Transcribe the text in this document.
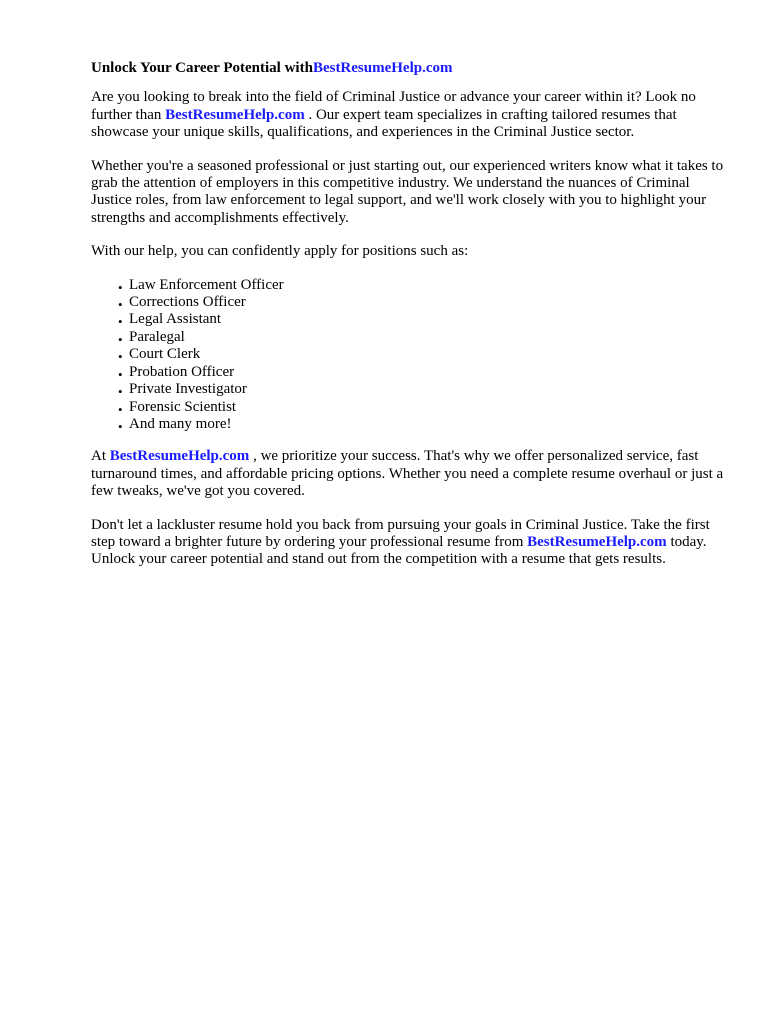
Unlock Your Career Potential withBestResumeHelp.com

Are you looking to break into the field of Criminal Justice or advance your career within it? Look no further than BestResumeHelp.com . Our expert team specializes in crafting tailored resumes that showcase your unique skills, qualifications, and experiences in the Criminal Justice sector.

Whether you're a seasoned professional or just starting out, our experienced writers know what it takes to grab the attention of employers in this competitive industry. We understand the nuances of Criminal Justice roles, from law enforcement to legal support, and we'll work closely with you to highlight your strengths and accomplishments effectively.

With our help, you can confidently apply for positions such as:

• Law Enforcement Officer
• Corrections Officer
• Legal Assistant
• Paralegal
• Court Clerk
• Probation Officer
• Private Investigator
• Forensic Scientist
• And many more!

At BestResumeHelp.com , we prioritize your success. That's why we offer personalized service, fast turnaround times, and affordable pricing options. Whether you need a complete resume overhaul or just a few tweaks, we've got you covered.

Don't let a lackluster resume hold you back from pursuing your goals in Criminal Justice. Take the first step toward a brighter future by ordering your professional resume from BestResumeHelp.com today. Unlock your career potential and stand out from the competition with a resume that gets results.
